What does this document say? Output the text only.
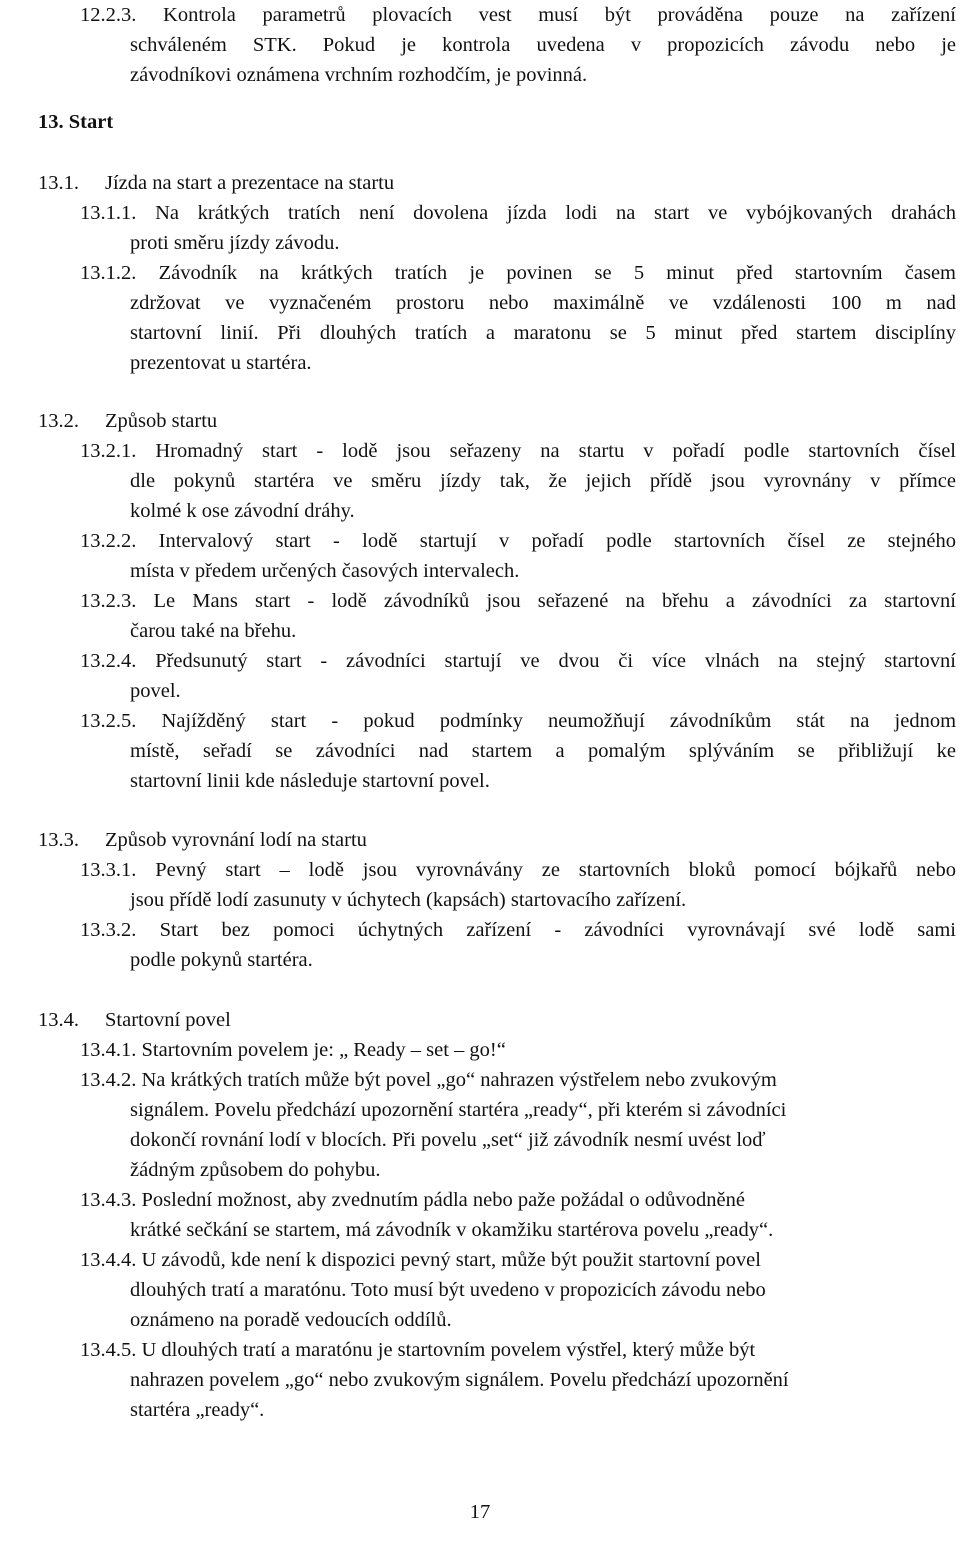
12.2.3. Kontrola parametrů plovacích vest musí být prováděna pouze na zařízení
schváleném STK. Pokud je kontrola uvedena v propozicích závodu nebo je
závodníkovi oznámena vrchním rozhodčím, je povinná.
13. Start
13.1. Jízda na start a prezentace na startu
13.1.1. Na krátkých tratích není dovolena jízda lodi na start ve vybójkovaných drahách
proti směru jízdy závodu.
13.1.2. Závodník na krátkých tratích je povinen se 5 minut před startovním časem
zdržovat ve vyznačeném prostoru nebo maximálně ve vzdálenosti 100 m nad
startovní linií. Při dlouhých tratích a maratonu se 5 minut před startem disciplíny
prezentovat u startéra.
13.2. Způsob startu
13.2.1. Hromadný start - lodě jsou seřazeny na startu v pořadí podle startovních čísel
dle pokynů startéra ve směru jízdy tak, že jejich přídě jsou vyrovnány v přímce
kolmé k ose závodní dráhy.
13.2.2. Intervalový start - lodě startují v pořadí podle startovních čísel ze stejného
místa v předem určených časových intervalech.
13.2.3. Le Mans start - lodě závodníků jsou seřazené na břehu a závodníci za startovní
čarou také na břehu.
13.2.4. Předsunutý start - závodníci startují ve dvou či více vlnách na stejný startovní
povel.
13.2.5. Najížděný start - pokud podmínky neumožňují závodníkům stát na jednom
místě, seřadí se závodníci nad startem a pomalým splýváním se přibližují ke
startovní linii kde následuje startovní povel.
13.3. Způsob vyrovnání lodí na startu
13.3.1. Pevný start – lodě jsou vyrovnávány ze startovních bloků pomocí bójkařů nebo
jsou přídě lodí zasunuty v úchytech (kapsách) startovacího zařízení.
13.3.2. Start bez pomoci úchytných zařízení - závodníci vyrovnávají své lodě sami
podle pokynů startéra.
13.4. Startovní povel
13.4.1. Startovním povelem je: „ Ready – set – go!“
13.4.2. Na krátkých tratích může být povel „go“ nahrazen výstřelem nebo zvukovým
signálem. Povelu předchází upozornění startéra „ready“, při kterém si závodníci
dokončí rovnání lodí v blocích. Při povelu „set“ již závodník nesmí uvést loď
žádným způsobem do pohybu.
13.4.3. Poslední možnost, aby zvednutím pádla nebo paže požádal o odůvodněné
krátké sečkání se startem, má závodník v okamžiku startérova povelu „ready“.
13.4.4. U závodů, kde není k dispozici pevný start, může být použit startovní povel
dlouhých tratí a maratónu. Toto musí být uvedeno v propozicích závodu nebo
oznámeno na poradě vedoucích oddílů.
13.4.5. U dlouhých tratí a maratónu je startovním povelem výstřel, který může být
nahrazen povelem „go“ nebo zvukovým signálem. Povelu předchází upozornění
startéra „ready“.
17
